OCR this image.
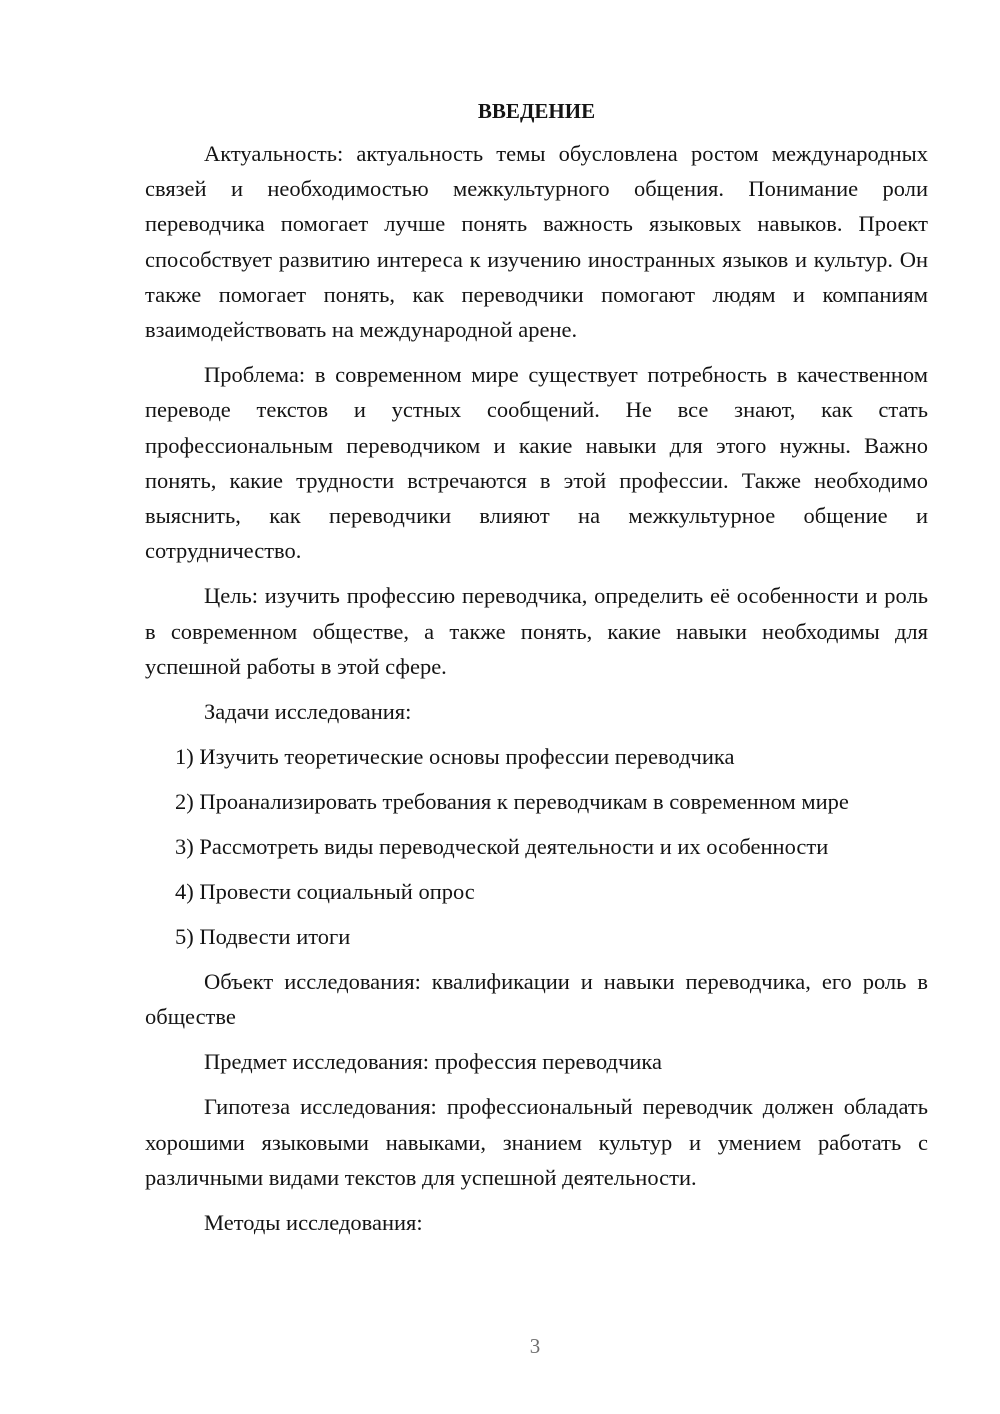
ВВЕДЕНИЕ

Актуальность: актуальность темы обусловлена ростом международных связей и необходимостью межкультурного общения. Понимание роли переводчика помогает лучше понять важность языковых навыков. Проект способствует развитию интереса к изучению иностранных языков и культур. Он также помогает понять, как переводчики помогают людям и компаниям взаимодействовать на международной арене.

Проблема: в современном мире существует потребность в качественном переводе текстов и устных сообщений. Не все знают, как стать профессиональным переводчиком и какие навыки для этого нужны. Важно понять, какие трудности встречаются в этой профессии. Также необходимо выяснить, как переводчики влияют на межкультурное общение и сотрудничество.

Цель: изучить профессию переводчика, определить её особенности и роль в современном обществе, а также понять, какие навыки необходимы для успешной работы в этой сфере.

Задачи исследования:

1) Изучить теоретические основы профессии переводчика

2) Проанализировать требования к переводчикам в современном мире

3) Рассмотреть виды переводческой деятельности и их особенности

4) Провести социальный опрос

5) Подвести итоги

Объект исследования: квалификации и навыки переводчика, его роль в обществе

Предмет исследования: профессия переводчика

Гипотеза исследования: профессиональный переводчик должен обладать хорошими языковыми навыками, знанием культур и умением работать с различными видами текстов для успешной деятельности.

Методы исследования:

3
